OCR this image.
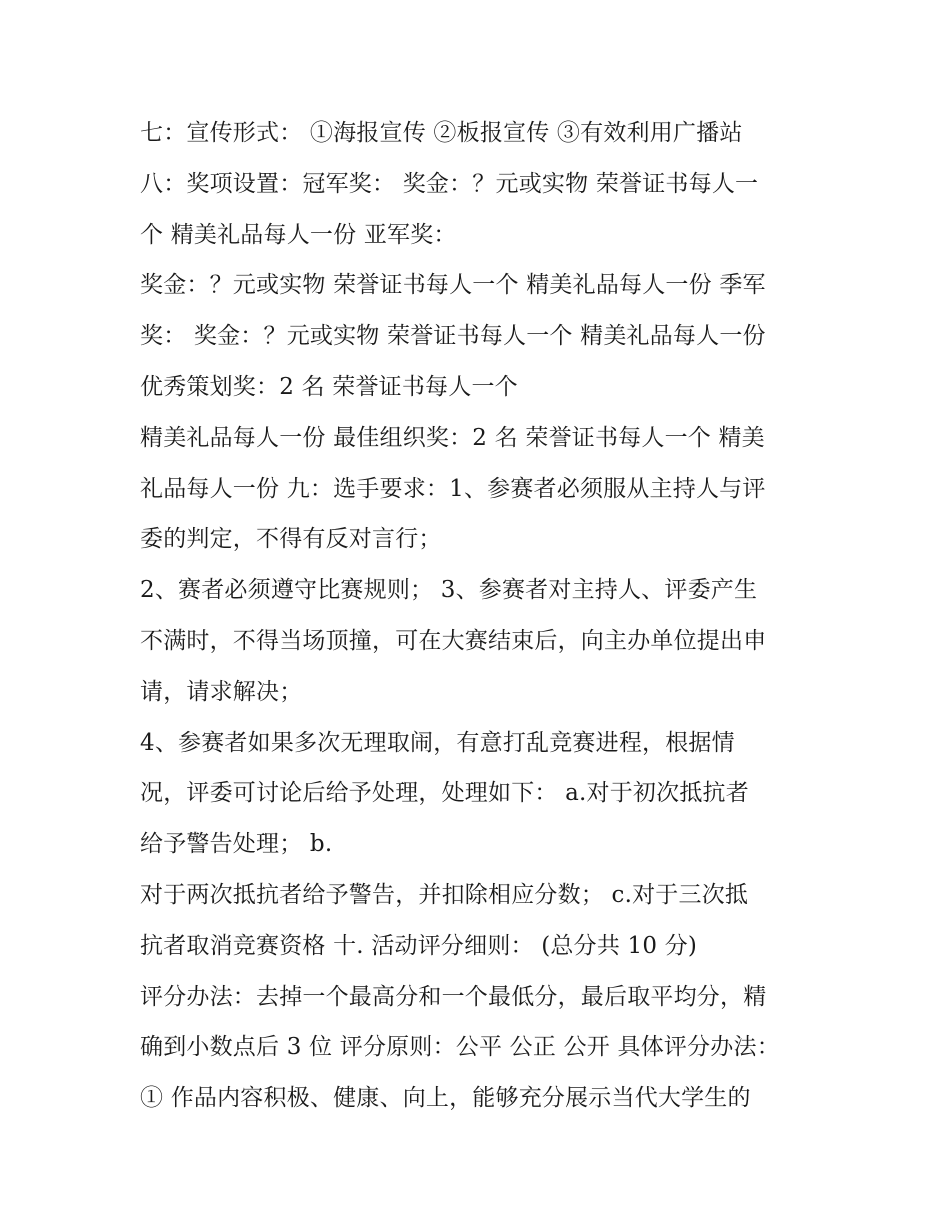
七：宣传形式： ①海报宣传 ②板报宣传 ③有效利用广播站
八：奖项设置：冠军奖： 奖金：？元或实物 荣誉证书每人一
个 精美礼品每人一份 亚军奖：
奖金：？元或实物 荣誉证书每人一个 精美礼品每人一份 季军
奖： 奖金：？元或实物 荣誉证书每人一个 精美礼品每人一份
优秀策划奖：2 名 荣誉证书每人一个
精美礼品每人一份 最佳组织奖：2 名 荣誉证书每人一个 精美
礼品每人一份 九：选手要求：1、参赛者必须服从主持人与评
委的判定，不得有反对言行；
2、赛者必须遵守比赛规则； 3、参赛者对主持人、评委产生
不满时，不得当场顶撞，可在大赛结束后，向主办单位提出申
请，请求解决；
4、参赛者如果多次无理取闹，有意打乱竞赛进程，根据情
况，评委可讨论后给予处理，处理如下： a.对于初次抵抗者
给予警告处理； b.
对于两次抵抗者给予警告，并扣除相应分数； c.对于三次抵
抗者取消竞赛资格 十. 活动评分细则： (总分共 10 分)
评分办法：去掉一个最高分和一个最低分，最后取平均分，精
确到小数点后 3 位 评分原则：公平 公正 公开 具体评分办法：
① 作品内容积极、健康、向上，能够充分展示当代大学生的
